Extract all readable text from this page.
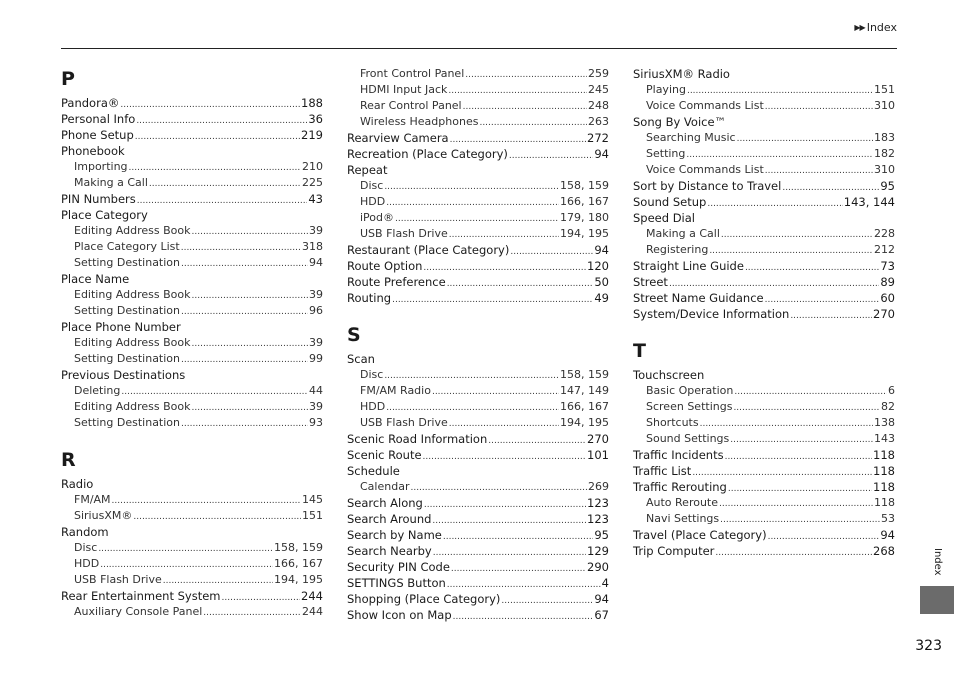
▶▶ Index
P
Pandora® .....	188
Personal Info .....	36
Phone Setup .....	219
Phonebook
Importing .....	210
Making a Call .....	225
PIN Numbers .....	43
Place Category
Editing Address Book .....	39
Place Category List .....	318
Setting Destination .....	94
Place Name
Editing Address Book .....	39
Setting Destination .....	96
Place Phone Number
Editing Address Book .....	39
Setting Destination .....	99
Previous Destinations
Deleting .....	44
Editing Address Book .....	39
Setting Destination .....	93
R
Radio
FM/AM .....	145
SiriusXM® .....	151
Random
Disc .....	158, 159
HDD .....	166, 167
USB Flash Drive .....	194, 195
Rear Entertainment System .....	244
Auxiliary Console Panel .....	244
Front Control Panel .....	259
HDMI Input Jack .....	245
Rear Control Panel .....	248
Wireless Headphones .....	263
Rearview Camera .....	272
Recreation (Place Category) .....	94
Repeat
Disc .....	158, 159
HDD .....	166, 167
iPod® .....	179, 180
USB Flash Drive .....	194, 195
Restaurant (Place Category) .....	94
Route Option .....	120
Route Preference .....	50
Routing .....	49
S
Scan
Disc .....	158, 159
FM/AM Radio .....	147, 149
HDD .....	166, 167
USB Flash Drive .....	194, 195
Scenic Road Information .....	270
Scenic Route .....	101
Schedule
Calendar .....	269
Search Along .....	123
Search Around .....	123
Search by Name .....	95
Search Nearby .....	129
Security PIN Code .....	290
SETTINGS Button .....	4
Shopping (Place Category) .....	94
Show Icon on Map .....	67
SiriusXM® Radio
Playing .....	151
Voice Commands List .....	310
Song By Voice™
Searching Music .....	183
Setting .....	182
Voice Commands List .....	310
Sort by Distance to Travel .....	95
Sound Setup .....	143, 144
Speed Dial
Making a Call .....	228
Registering .....	212
Straight Line Guide .....	73
Street .....	89
Street Name Guidance .....	60
System/Device Information .....	270
T
Touchscreen
Basic Operation .....	6
Screen Settings .....	82
Shortcuts .....	138
Sound Settings .....	143
Traffic Incidents .....	118
Traffic List .....	118
Traffic Rerouting .....	118
Auto Reroute .....	118
Navi Settings .....	53
Travel (Place Category) .....	94
Trip Computer .....	268	Index
323
